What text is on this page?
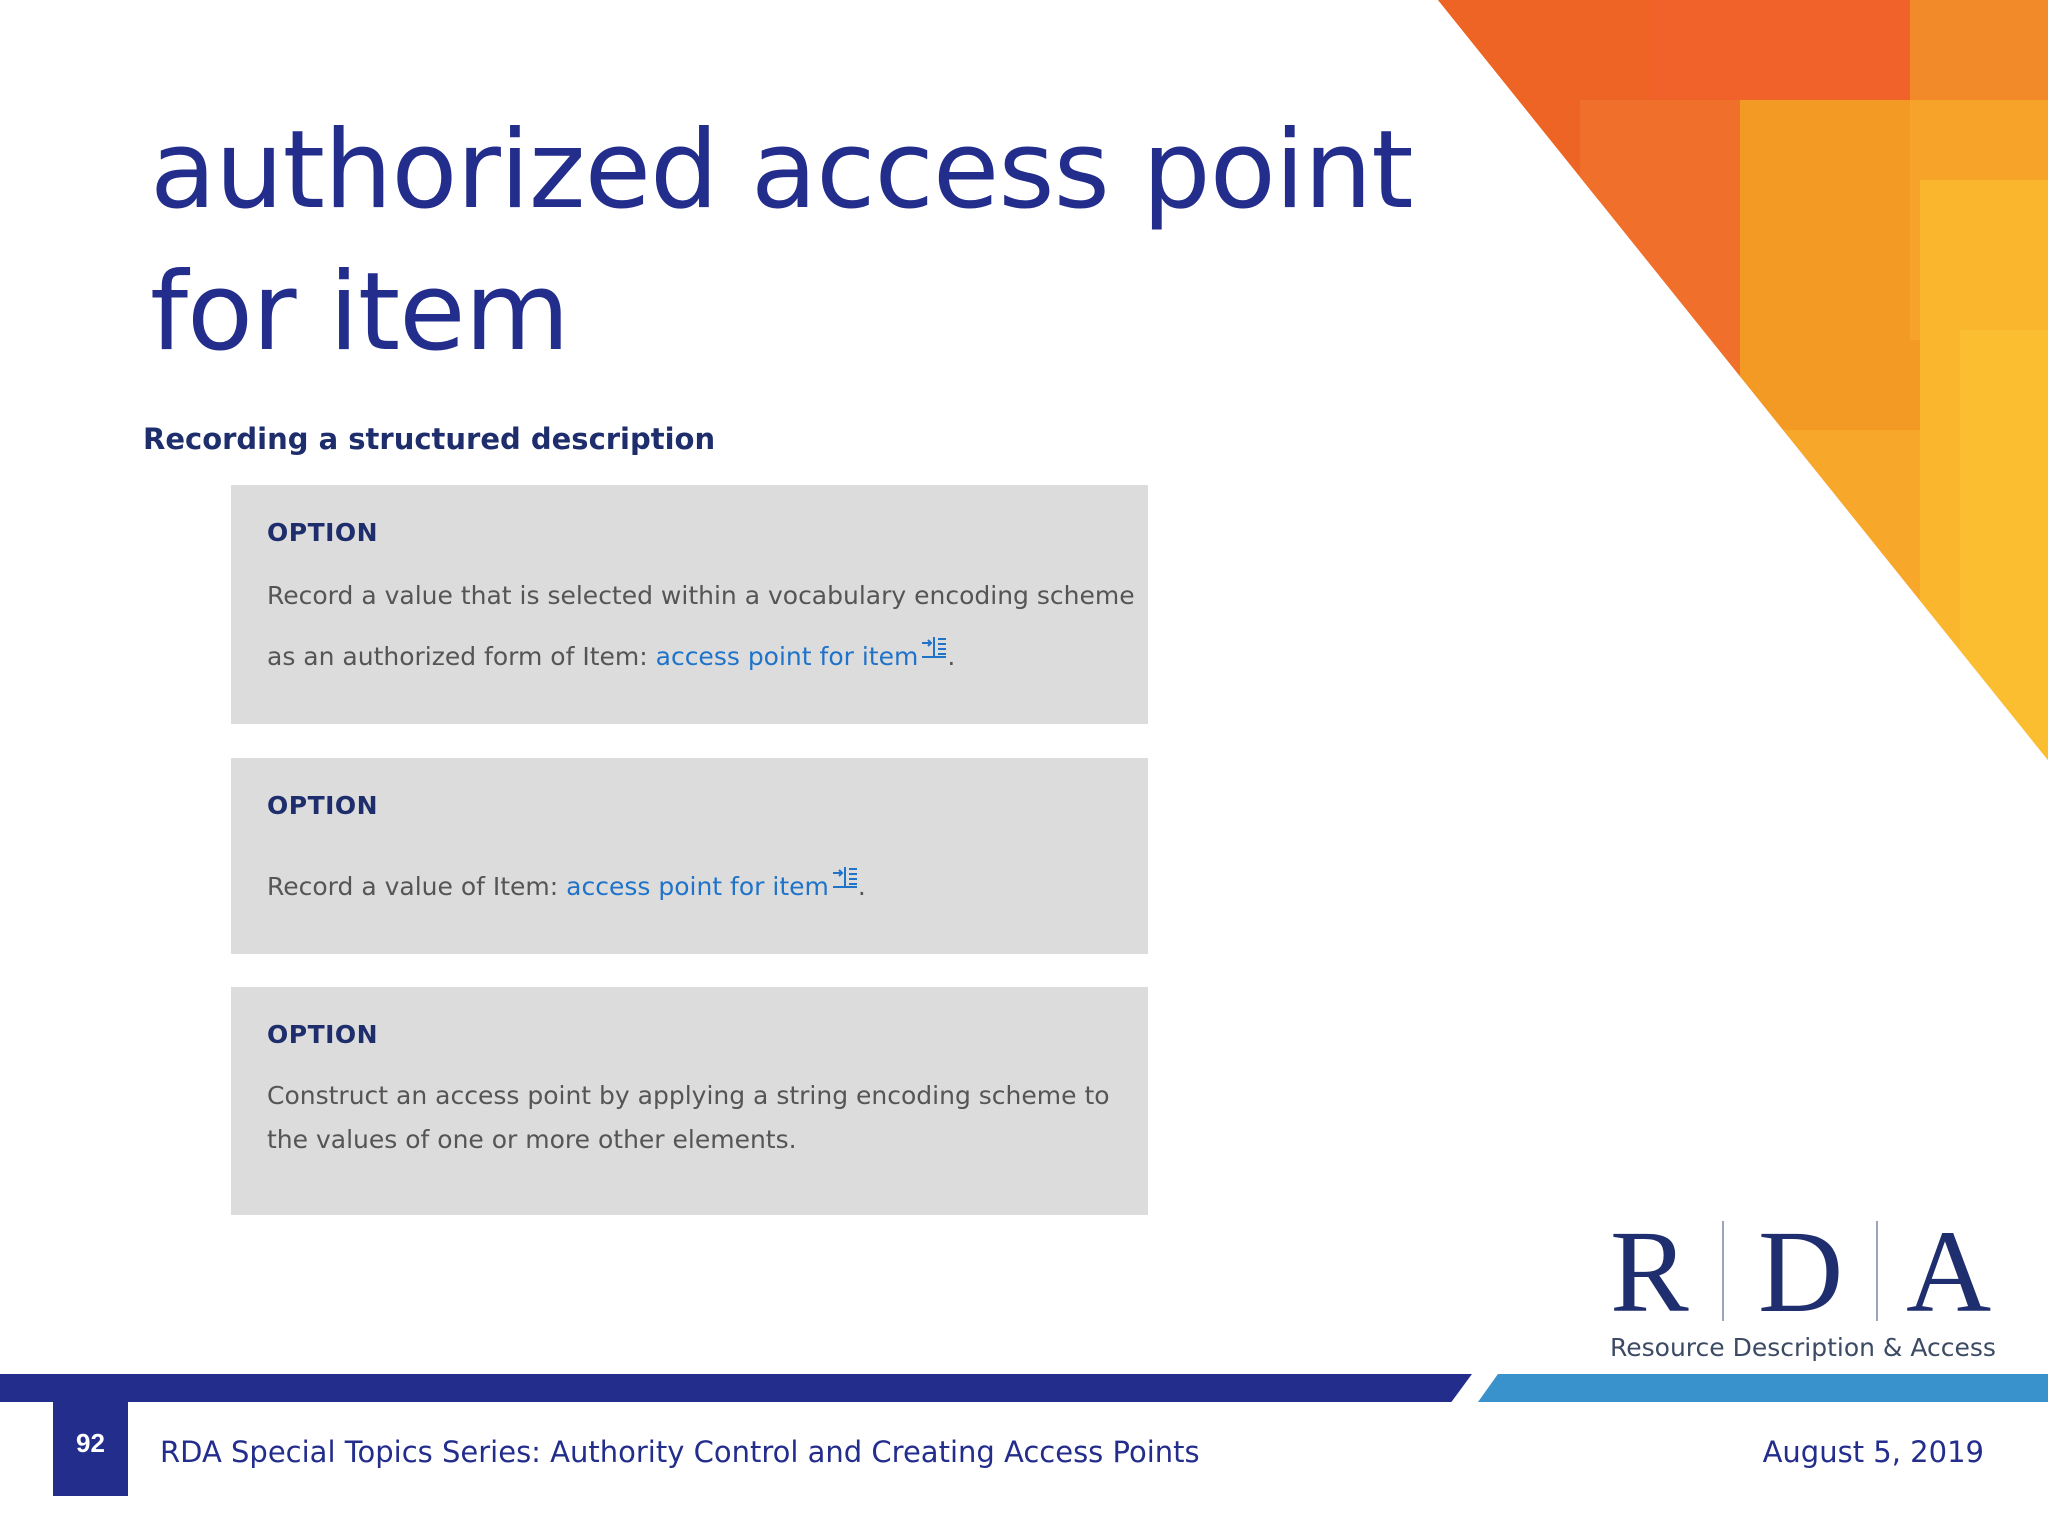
authorized access point for item
Recording a structured description
OPTION
Record a value that is selected within a vocabulary encoding scheme
as an authorized form of Item: access point for item .
OPTION
Record a value of Item: access point for item .
OPTION
Construct an access point by applying a string encoding scheme to
the values of one or more other elements.
R D A
Resource Description & Access
92	RDA Special Topics Series: Authority Control and Creating Access Points	August 5, 2019
